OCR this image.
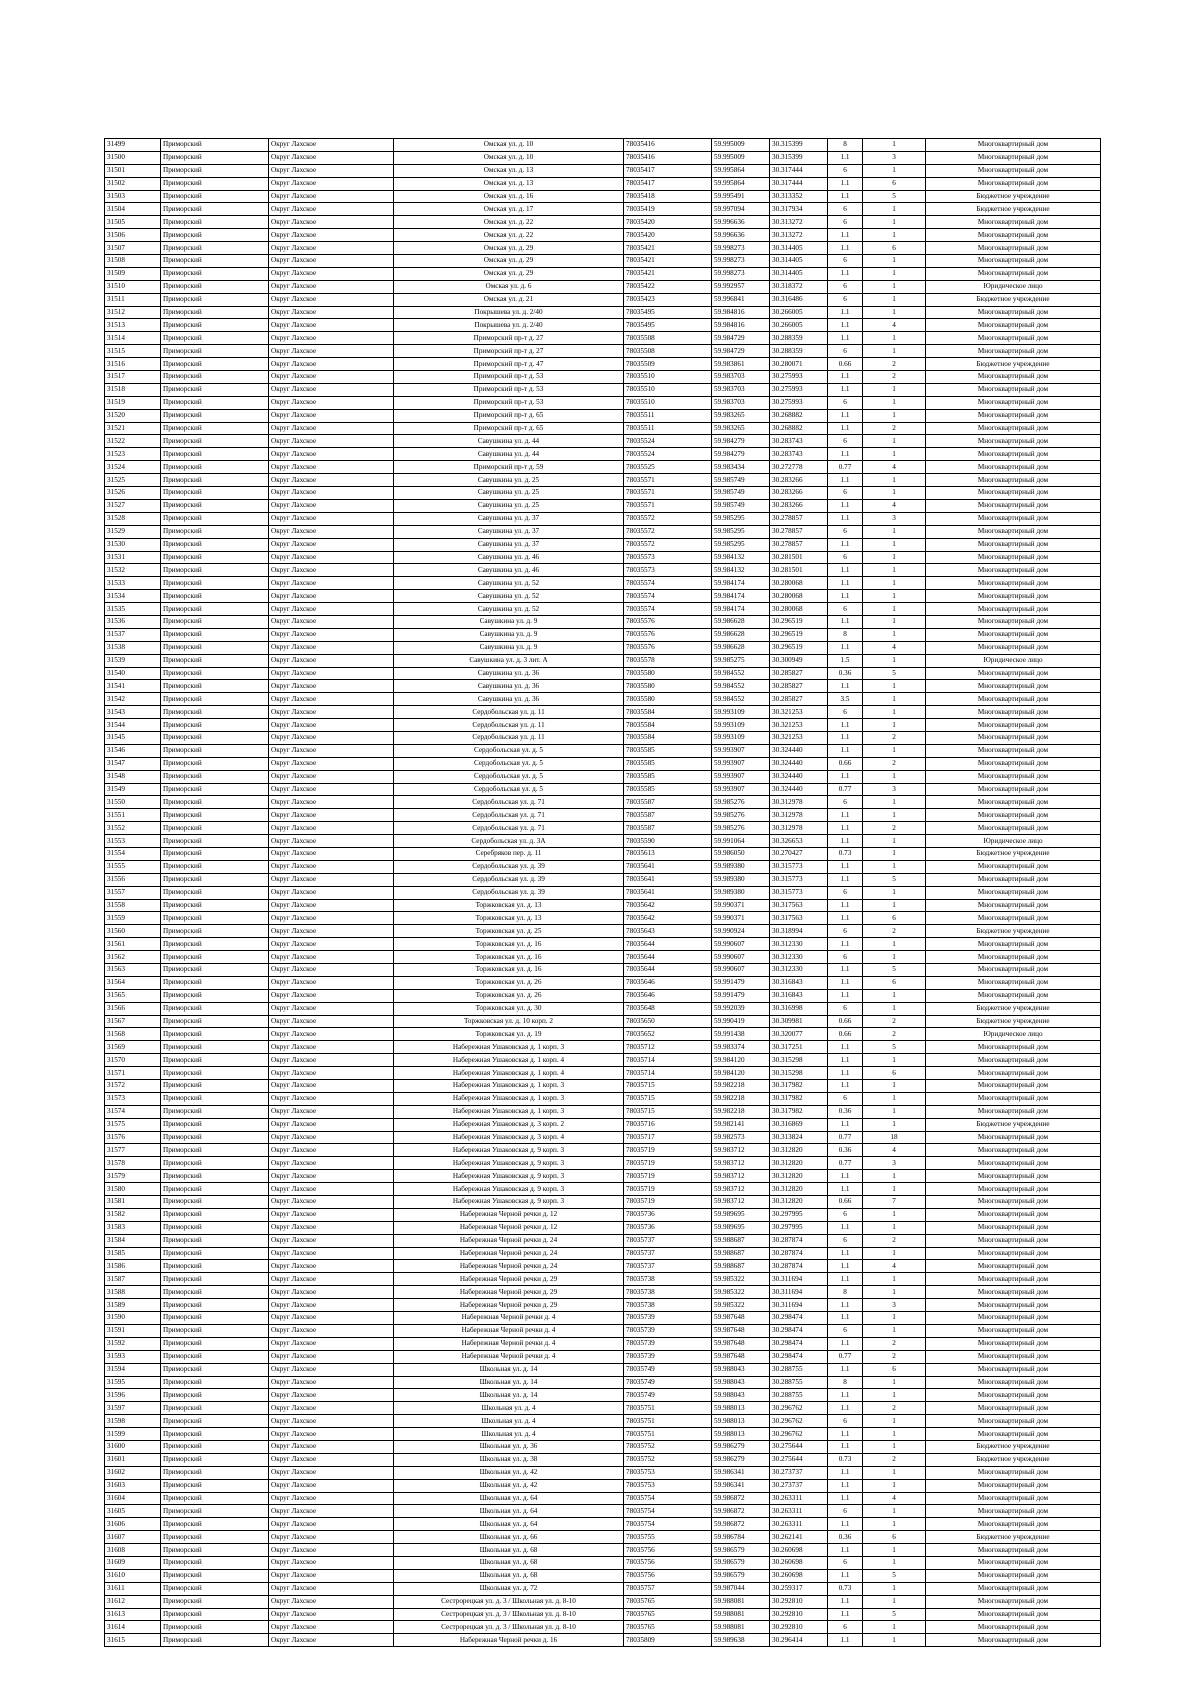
31499	Приморский	Округ Лахское	Омская ул. д. 10	78035416	59.995009	30.315399	8	1	Многоквартирный дом
31500	Приморский	Округ Лахское	Омская ул. д. 10	78035416	59.995009	30.315399	1.1	3	Многоквартирный дом
31501	Приморский	Округ Лахское	Омская ул. д. 13	78035417	59.995864	30.317444	6	1	Многоквартирный дом
31502	Приморский	Округ Лахское	Омская ул. д. 13	78035417	59.995864	30.317444	1.1	6	Многоквартирный дом
31503	Приморский	Округ Лахское	Омская ул. д. 16	78035418	59.995491	30.313352	1.1	5	Бюджетное учреждение
31504	Приморский	Округ Лахское	Омская ул. д. 17	78035419	59.997094	30.317934	6	1	Бюджетное учреждение
31505	Приморский	Округ Лахское	Омская ул. д. 22	78035420	59.996636	30.313272	6	1	Многоквартирный дом
31506	Приморский	Округ Лахское	Омская ул. д. 22	78035420	59.996636	30.313272	1.1	1	Многоквартирный дом
31507	Приморский	Округ Лахское	Омская ул. д. 29	78035421	59.998273	30.314405	1.1	6	Многоквартирный дом
31508	Приморский	Округ Лахское	Омская ул. д. 29	78035421	59.998273	30.314405	6	1	Многоквартирный дом
31509	Приморский	Округ Лахское	Омская ул. д. 29	78035421	59.998273	30.314405	1.1	1	Многоквартирный дом
31510	Приморский	Округ Лахское	Омская ул. д. 6	78035422	59.992957	30.318372	6	1	Юридическое лицо
31511	Приморский	Округ Лахское	Омская ул. д. 21	78035423	59.996841	30.316486	6	1	Бюджетное учреждение
31512	Приморский	Округ Лахское	Покрышева ул. д. 2/40	78035495	59.984816	30.266005	1.1	1	Многоквартирный дом
31513	Приморский	Округ Лахское	Покрышева ул. д. 2/40	78035495	59.984816	30.266005	1.1	4	Многоквартирный дом
31514	Приморский	Округ Лахское	Приморский пр-т д. 27	78035508	59.984729	30.288359	1.1	1	Многоквартирный дом
31515	Приморский	Округ Лахское	Приморский пр-т д. 27	78035508	59.984729	30.288359	6	1	Многоквартирный дом
31516	Приморский	Округ Лахское	Приморский пр-т д. 47	78035509	59.983861	30.280071	0.66	2	Бюджетное учреждение
31517	Приморский	Округ Лахское	Приморский пр-т д. 53	78035510	59.983703	30.275993	1.1	2	Многоквартирный дом
31518	Приморский	Округ Лахское	Приморский пр-т д. 53	78035510	59.983703	30.275993	1.1	1	Многоквартирный дом
31519	Приморский	Округ Лахское	Приморский пр-т д. 53	78035510	59.983703	30.275993	6	1	Многоквартирный дом
31520	Приморский	Округ Лахское	Приморский пр-т д. 65	78035511	59.983265	30.268882	1.1	1	Многоквартирный дом
31521	Приморский	Округ Лахское	Приморский пр-т д. 65	78035511	59.983265	30.268882	1.1	2	Многоквартирный дом
31522	Приморский	Округ Лахское	Савушкина ул. д. 44	78035524	59.984279	30.283743	6	1	Многоквартирный дом
31523	Приморский	Округ Лахское	Савушкина ул. д. 44	78035524	59.984279	30.283743	1.1	1	Многоквартирный дом
31524	Приморский	Округ Лахское	Приморский пр-т д. 59	78035525	59.983434	30.272778	0.77	4	Многоквартирный дом
31525	Приморский	Округ Лахское	Савушкина ул. д. 25	78035571	59.985749	30.283266	1.1	1	Многоквартирный дом
31526	Приморский	Округ Лахское	Савушкина ул. д. 25	78035571	59.985749	30.283266	6	1	Многоквартирный дом
31527	Приморский	Округ Лахское	Савушкина ул. д. 25	78035571	59.985749	30.283266	1.1	4	Многоквартирный дом
31528	Приморский	Округ Лахское	Савушкина ул. д. 37	78035572	59.985295	30.278857	1.1	3	Многоквартирный дом
31529	Приморский	Округ Лахское	Савушкина ул. д. 37	78035572	59.985295	30.278857	6	1	Многоквартирный дом
31530	Приморский	Округ Лахское	Савушкина ул. д. 37	78035572	59.985295	30.278857	1.1	1	Многоквартирный дом
31531	Приморский	Округ Лахское	Савушкина ул. д. 46	78035573	59.984132	30.281501	6	1	Многоквартирный дом
31532	Приморский	Округ Лахское	Савушкина ул. д. 46	78035573	59.984132	30.281501	1.1	1	Многоквартирный дом
31533	Приморский	Округ Лахское	Савушкина ул. д. 52	78035574	59.984174	30.280068	1.1	1	Многоквартирный дом
31534	Приморский	Округ Лахское	Савушкина ул. д. 52	78035574	59.984174	30.280068	1.1	1	Многоквартирный дом
31535	Приморский	Округ Лахское	Савушкина ул. д. 52	78035574	59.984174	30.280068	6	1	Многоквартирный дом
31536	Приморский	Округ Лахское	Савушкина ул. д. 9	78035576	59.986628	30.296519	1.1	1	Многоквартирный дом
31537	Приморский	Округ Лахское	Савушкина ул. д. 9	78035576	59.986628	30.296519	8	1	Многоквартирный дом
31538	Приморский	Округ Лахское	Савушкина ул. д. 9	78035576	59.986628	30.296519	1.1	4	Многоквартирный дом
31539	Приморский	Округ Лахское	Савушкина ул. д. 3 лит. А	78035578	59.985275	30.300949	1.5	1	Юридическое лицо
31540	Приморский	Округ Лахское	Савушкина ул. д. 36	78035580	59.984552	30.285827	0.36	5	Многоквартирный дом
31541	Приморский	Округ Лахское	Савушкина ул. д. 36	78035580	59.984552	30.285827	1.1	1	Многоквартирный дом
31542	Приморский	Округ Лахское	Савушкина ул. д. 36	78035580	59.984552	30.285827	3.5	1	Многоквартирный дом
31543	Приморский	Округ Лахское	Сердобольская ул. д. 11	78035584	59.993109	30.321253	6	1	Многоквартирный дом
31544	Приморский	Округ Лахское	Сердобольская ул. д. 11	78035584	59.993109	30.321253	1.1	1	Многоквартирный дом
31545	Приморский	Округ Лахское	Сердобольская ул. д. 11	78035584	59.993109	30.321253	1.1	2	Многоквартирный дом
31546	Приморский	Округ Лахское	Сердобольская ул. д. 5	78035585	59.993907	30.324440	1.1	1	Многоквартирный дом
31547	Приморский	Округ Лахское	Сердобольская ул. д. 5	78035585	59.993907	30.324440	0.66	2	Многоквартирный дом
31548	Приморский	Округ Лахское	Сердобольская ул. д. 5	78035585	59.993907	30.324440	1.1	1	Многоквартирный дом
31549	Приморский	Округ Лахское	Сердобольская ул. д. 5	78035585	59.993907	30.324440	0.77	3	Многоквартирный дом
31550	Приморский	Округ Лахское	Сердобольская ул. д. 71	78035587	59.985276	30.312978	6	1	Многоквартирный дом
31551	Приморский	Округ Лахское	Сердобольская ул. д. 71	78035587	59.985276	30.312978	1.1	1	Многоквартирный дом
31552	Приморский	Округ Лахское	Сердобольская ул. д. 71	78035587	59.985276	30.312978	1.1	2	Многоквартирный дом
31553	Приморский	Округ Лахское	Сердобольская ул. д. 3А	78035590	59.991064	30.326653	1.1	1	Юридическое лицо
31554	Приморский	Округ Лахское	Серебряков пер. д. 11	78035613	59.986050	30.270427	0.73	1	Бюджетное учреждение
31555	Приморский	Округ Лахское	Сердобольская ул. д. 39	78035641	59.989380	30.315773	1.1	1	Многоквартирный дом
31556	Приморский	Округ Лахское	Сердобольская ул. д. 39	78035641	59.989380	30.315773	1.1	5	Многоквартирный дом
31557	Приморский	Округ Лахское	Сердобольская ул. д. 39	78035641	59.989380	30.315773	6	1	Многоквартирный дом
31558	Приморский	Округ Лахское	Торжковская ул. д. 13	78035642	59.990371	30.317563	1.1	1	Многоквартирный дом
31559	Приморский	Округ Лахское	Торжковская ул. д. 13	78035642	59.990371	30.317563	1.1	6	Многоквартирный дом
31560	Приморский	Округ Лахское	Торжковская ул. д. 25	78035643	59.990924	30.318994	6	2	Бюджетное учреждение
31561	Приморский	Округ Лахское	Торжковская ул. д. 16	78035644	59.990607	30.312330	1.1	1	Многоквартирный дом
31562	Приморский	Округ Лахское	Торжковская ул. д. 16	78035644	59.990607	30.312330	6	1	Многоквартирный дом
31563	Приморский	Округ Лахское	Торжковская ул. д. 16	78035644	59.990607	30.312330	1.1	5	Многоквартирный дом
31564	Приморский	Округ Лахское	Торжковская ул. д. 26	78035646	59.991479	30.316843	1.1	6	Многоквартирный дом
31565	Приморский	Округ Лахское	Торжковская ул. д. 26	78035646	59.991479	30.316843	1.1	1	Многоквартирный дом
31566	Приморский	Округ Лахское	Торжковская ул. д. 30	78035648	59.992039	30.316998	6	1	Бюджетное учреждение
31567	Приморский	Округ Лахское	Торжковская ул. д. 10 корп. 2	78035650	59.990419	30.309981	0.66	2	Бюджетное учреждение
31568	Приморский	Округ Лахское	Торжковская ул. д. 19	78035652	59.991438	30.320077	0.66	2	Юридическое лицо
31569	Приморский	Округ Лахское	Набережная Ушаковская д. 1 корп. 3	78035712	59.983374	30.317251	1.1	5	Многоквартирный дом
31570	Приморский	Округ Лахское	Набережная Ушаковская д. 1 корп. 4	78035714	59.984120	30.315298	1.1	1	Многоквартирный дом
31571	Приморский	Округ Лахское	Набережная Ушаковская д. 1 корп. 4	78035714	59.984120	30.315298	1.1	6	Многоквартирный дом
31572	Приморский	Округ Лахское	Набережная Ушаковская д. 1 корп. 3	78035715	59.982218	30.317982	1.1	1	Многоквартирный дом
31573	Приморский	Округ Лахское	Набережная Ушаковская д. 1 корп. 3	78035715	59.982218	30.317982	6	1	Многоквартирный дом
31574	Приморский	Округ Лахское	Набережная Ушаковская д. 1 корп. 3	78035715	59.982218	30.317982	0.36	1	Многоквартирный дом
31575	Приморский	Округ Лахское	Набережная Ушаковская д. 3 корп. 2	78035716	59.982141	30.316869	1.1	1	Бюджетное учреждение
31576	Приморский	Округ Лахское	Набережная Ушаковская д. 3 корп. 4	78035717	59.982573	30.313824	0.77	18	Многоквартирный дом
31577	Приморский	Округ Лахское	Набережная Ушаковская д. 9 корп. 3	78035719	59.983712	30.312820	0.36	4	Многоквартирный дом
31578	Приморский	Округ Лахское	Набережная Ушаковская д. 9 корп. 3	78035719	59.983712	30.312820	0.77	3	Многоквартирный дом
31579	Приморский	Округ Лахское	Набережная Ушаковская д. 9 корп. 3	78035719	59.983712	30.312820	1.1	1	Многоквартирный дом
31580	Приморский	Округ Лахское	Набережная Ушаковская д. 9 корп. 3	78035719	59.983712	30.312820	1.1	1	Многоквартирный дом
31581	Приморский	Округ Лахское	Набережная Ушаковская д. 9 корп. 3	78035719	59.983712	30.312820	0.66	7	Многоквартирный дом
31582	Приморский	Округ Лахское	Набережная Черной речки д. 12	78035736	59.989695	30.297995	6	1	Многоквартирный дом
31583	Приморский	Округ Лахское	Набережная Черной речки д. 12	78035736	59.989695	30.297995	1.1	1	Многоквартирный дом
31584	Приморский	Округ Лахское	Набережная Черной речки д. 24	78035737	59.988687	30.287874	6	2	Многоквартирный дом
31585	Приморский	Округ Лахское	Набережная Черной речки д. 24	78035737	59.988687	30.287874	1.1	1	Многоквартирный дом
31586	Приморский	Округ Лахское	Набережная Черной речки д. 24	78035737	59.988687	30.287874	1.1	4	Многоквартирный дом
31587	Приморский	Округ Лахское	Набережная Черной речки д. 29	78035738	59.985322	30.311694	1.1	1	Многоквартирный дом
31588	Приморский	Округ Лахское	Набережная Черной речки д. 29	78035738	59.985322	30.311694	8	1	Многоквартирный дом
31589	Приморский	Округ Лахское	Набережная Черной речки д. 29	78035738	59.985322	30.311694	1.1	3	Многоквартирный дом
31590	Приморский	Округ Лахское	Набережная Черной речки д. 4	78035739	59.987648	30.298474	1.1	1	Многоквартирный дом
31591	Приморский	Округ Лахское	Набережная Черной речки д. 4	78035739	59.987648	30.298474	6	1	Многоквартирный дом
31592	Приморский	Округ Лахское	Набережная Черной речки д. 4	78035739	59.987648	30.298474	1.1	2	Многоквартирный дом
31593	Приморский	Округ Лахское	Набережная Черной речки д. 4	78035739	59.987648	30.298474	0.77	2	Многоквартирный дом
31594	Приморский	Округ Лахское	Школьная ул. д. 14	78035749	59.988043	30.288755	1.1	6	Многоквартирный дом
31595	Приморский	Округ Лахское	Школьная ул. д. 14	78035749	59.988043	30.288755	8	1	Многоквартирный дом
31596	Приморский	Округ Лахское	Школьная ул. д. 14	78035749	59.988043	30.288755	1.1	1	Многоквартирный дом
31597	Приморский	Округ Лахское	Школьная ул. д. 4	78035751	59.988013	30.296762	1.1	2	Многоквартирный дом
31598	Приморский	Округ Лахское	Школьная ул. д. 4	78035751	59.988013	30.296762	6	1	Многоквартирный дом
31599	Приморский	Округ Лахское	Школьная ул. д. 4	78035751	59.988013	30.296762	1.1	1	Многоквартирный дом
31600	Приморский	Округ Лахское	Школьная ул. д. 36	78035752	59.986279	30.275644	1.1	1	Бюджетное учреждение
31601	Приморский	Округ Лахское	Школьная ул. д. 38	78035752	59.986279	30.275644	0.73	2	Бюджетное учреждение
31602	Приморский	Округ Лахское	Школьная ул. д. 42	78035753	59.986341	30.273737	1.1	1	Многоквартирный дом
31603	Приморский	Округ Лахское	Школьная ул. д. 42	78035753	59.986341	30.273737	1.1	1	Многоквартирный дом
31604	Приморский	Округ Лахское	Школьная ул. д. 64	78035754	59.986872	30.263311	1.1	4	Многоквартирный дом
31605	Приморский	Округ Лахское	Школьная ул. д. 64	78035754	59.986872	30.263311	6	1	Многоквартирный дом
31606	Приморский	Округ Лахское	Школьная ул. д. 64	78035754	59.986872	30.263311	1.1	1	Многоквартирный дом
31607	Приморский	Округ Лахское	Школьная ул. д. 66	78035755	59.986784	30.262141	0.36	6	Бюджетное учреждение
31608	Приморский	Округ Лахское	Школьная ул. д. 68	78035756	59.986579	30.260698	1.1	1	Многоквартирный дом
31609	Приморский	Округ Лахское	Школьная ул. д. 68	78035756	59.986579	30.260698	6	1	Многоквартирный дом
31610	Приморский	Округ Лахское	Школьная ул. д. 68	78035756	59.986579	30.260698	1.1	5	Многоквартирный дом
31611	Приморский	Округ Лахское	Школьная ул. д. 72	78035757	59.987044	30.259317	0.73	1	Многоквартирный дом
31612	Приморский	Округ Лахское	Сестрорецкая ул. д. 3 / Школьная ул. д. 8-10	78035765	59.988081	30.292810	1.1	1	Многоквартирный дом
31613	Приморский	Округ Лахское	Сестрорецкая ул. д. 3 / Школьная ул. д. 8-10	78035765	59.988081	30.292810	1.1	5	Многоквартирный дом
31614	Приморский	Округ Лахское	Сестрорецкая ул. д. 3 / Школьная ул. д. 8-10	78035765	59.988081	30.292810	6	1	Многоквартирный дом
31615	Приморский	Округ Лахское	Набережная Черной речки д. 16	78035809	59.989638	30.296414	1.1	1	Многоквартирный дом
